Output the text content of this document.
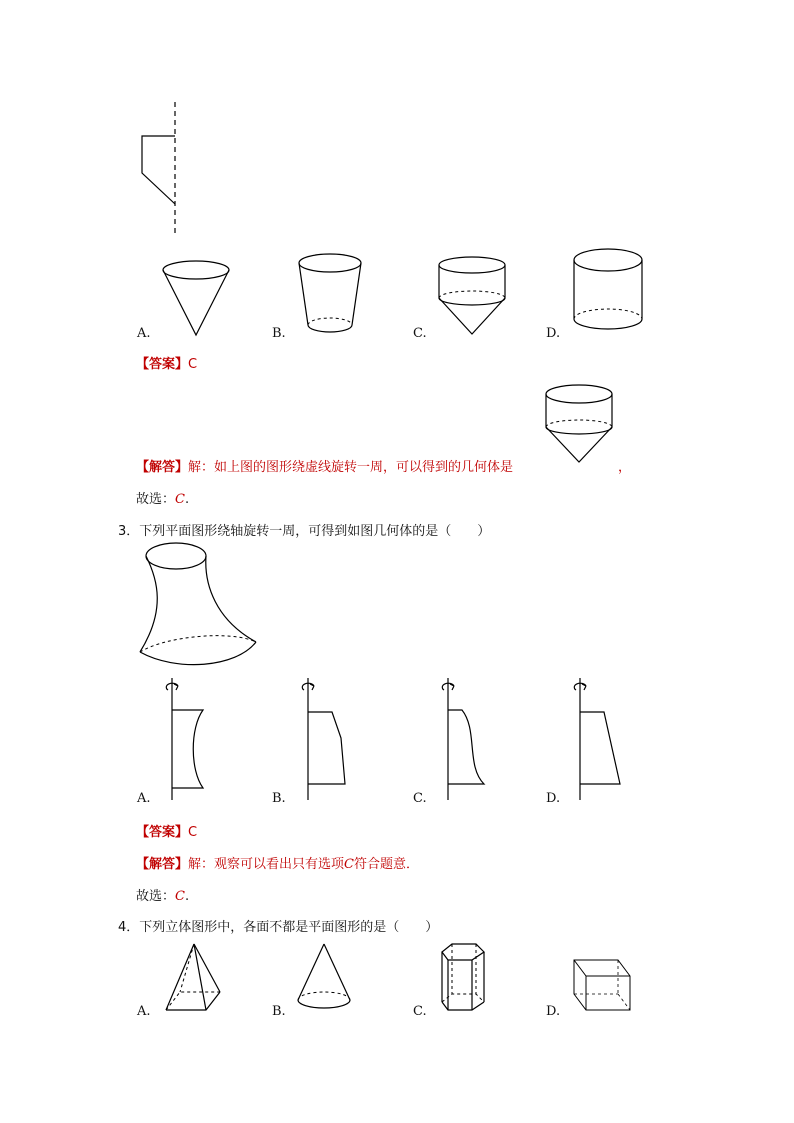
A.	B.	C.	D.
【答案】C
【解答】解：如上图的图形绕虚线旋转一周，可以得到的几何体是	，
故选：C.
3．下列平面图形绕轴旋转一周，可得到如图几何体的是（　　）
A.	B.	C.	D.
【答案】C
【解答】解：观察可以看出只有选项C符合题意．
故选：C.
4．下列立体图形中，各面不都是平面图形的是（　　）
A.	B.	C.	D.
